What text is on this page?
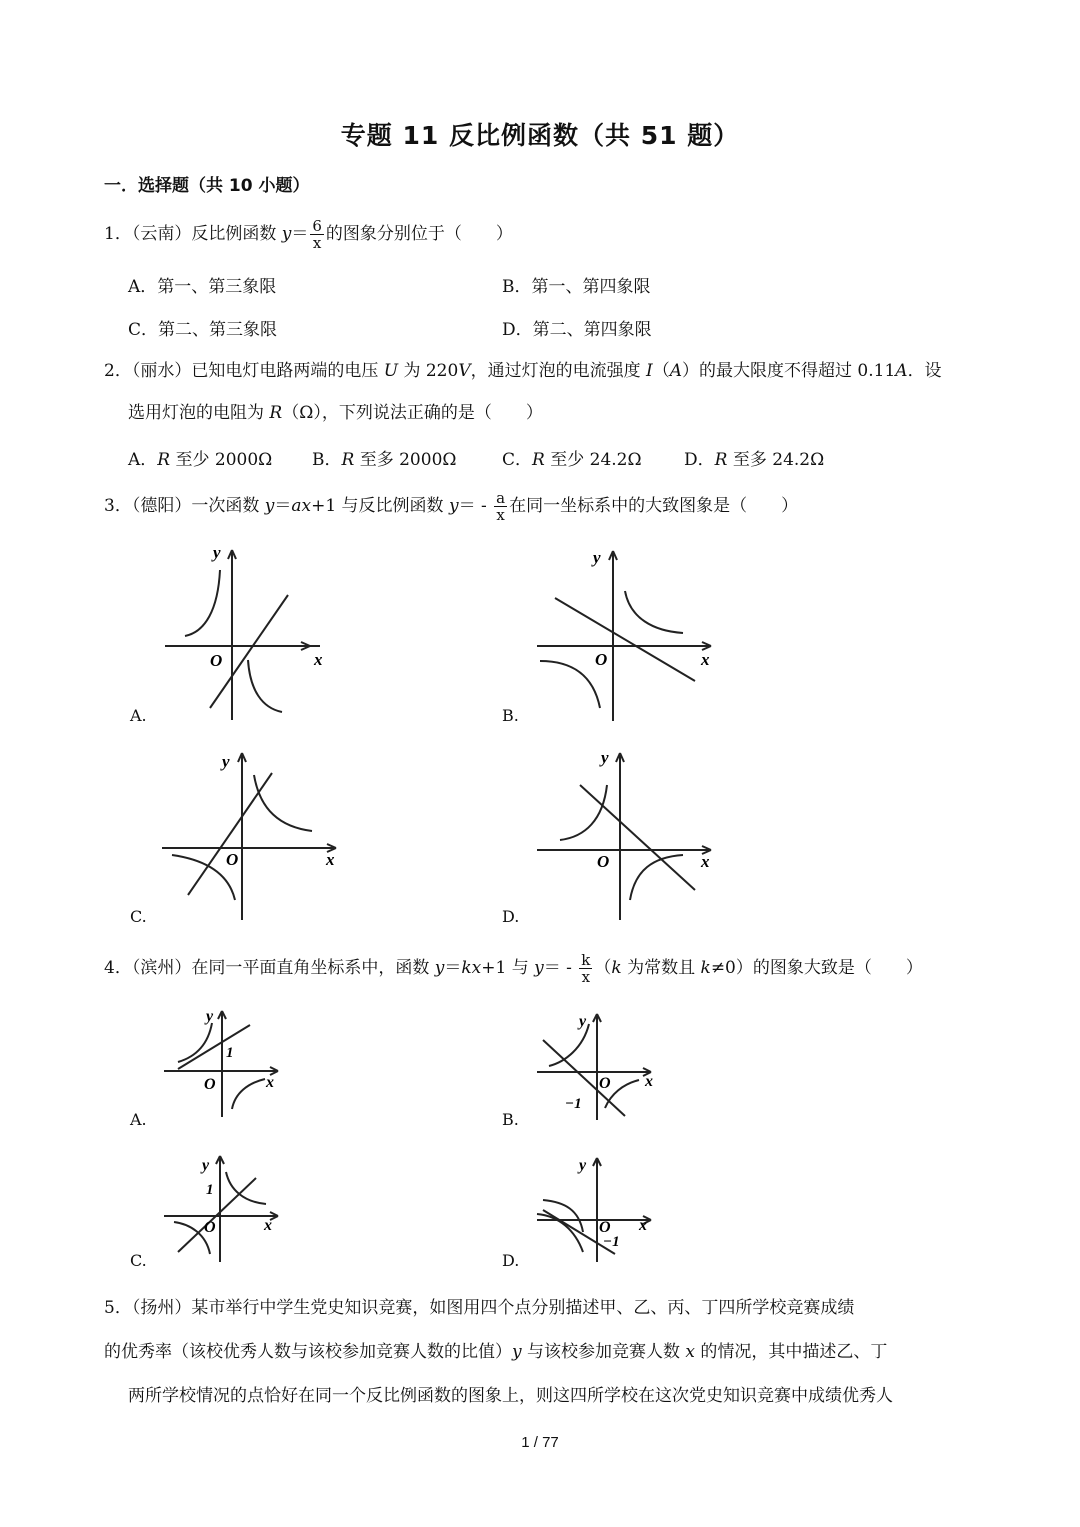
专题 11 反比例函数（共 51 题）
一．选择题（共 10 小题）
1．（云南）反比例函数 $y= \frac{6}{x}$ 的图象分别位于（　　）
A．第一、第三象限	B．第一、第四象限
C．第二、第三象限	D．第二、第四象限
2．（丽水）已知电灯电路两端的电压 U 为 220V，通过灯泡的电流强度 I（A）的最大限度不得超过 0.11A．设
选用灯泡的电阻为 R（Ω），下列说法正确的是（　　）
A．R 至少 2000Ω B．R 至多 2000Ω	C．R 至少 24.2Ω D．R 至多 24.2Ω
3．（德阳）一次函数 y＝ax+1 与反比例函数 $y= - \frac{a}{x}$ 在同一坐标系中的大致图象是（　　）
y
O	x
A.
y
O	x
B.
y
O	x
C.
y
O	x
D.
4．（滨州）在同一平面直角坐标系中，函数 y＝kx+1 与 $y= - \frac{k}{x} (k$ 为常数且 k≠0）的图象大致是（　　）
y
1
O	x
A.
y
O x
−1
B.
y
1
O	x
C.
y
O x
−1
D.
5．（扬州）某市举行中学生党史知识竞赛，如图用四个点分别描述甲、乙、丙、丁四所学校竞赛成绩
的优秀率（该校优秀人数与该校参加竞赛人数的比值）y 与该校参加竞赛人数 x 的情况，其中描述乙、丁
两所学校情况的点恰好在同一个反比例函数的图象上，则这四所学校在这次党史知识竞赛中成绩优秀人
1 / 77
